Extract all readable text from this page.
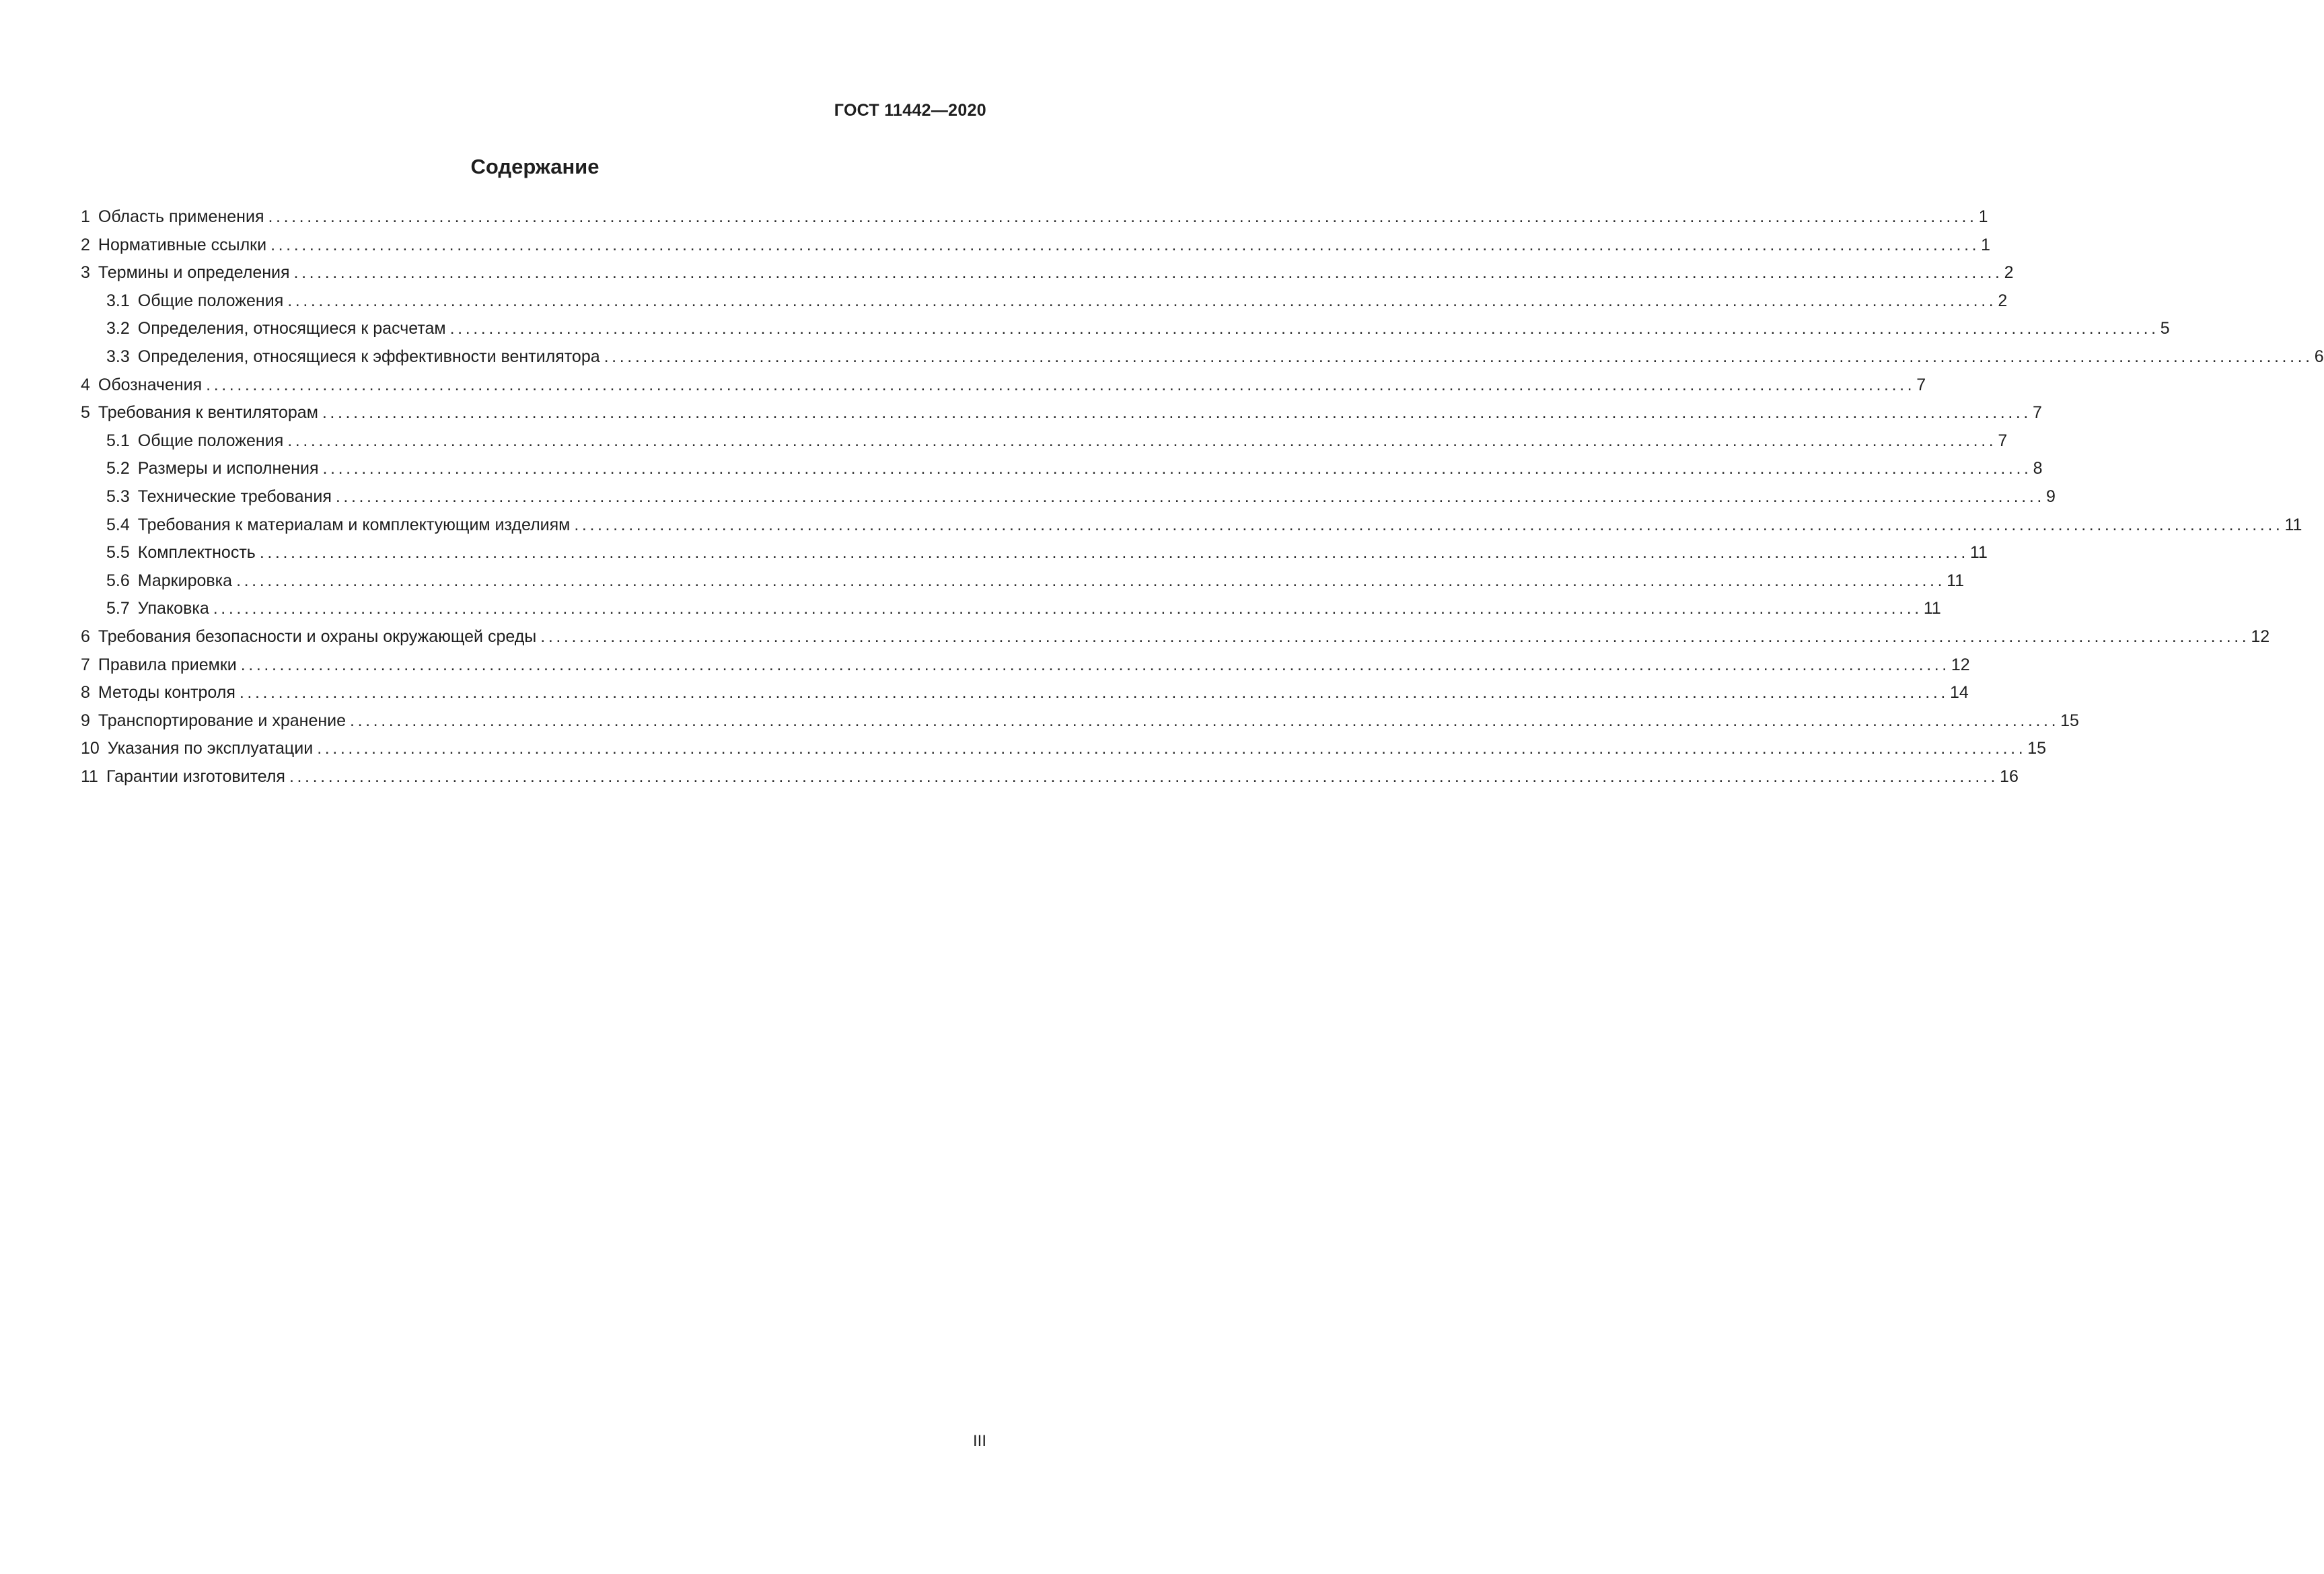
ГОСТ 11442—2020
Содержание
1 Область применения ............................................................................................................................................................................................................................ 1
2 Нормативные ссылки ............................................................................................................................................................................................................................ 1
3 Термины и определения ............................................................................................................................................................................................................................ 2
3.1 Общие положения ............................................................................................................................................................................................................................ 2
3.2 Определения, относящиеся к расчетам ............................................................................................................................................................................................................................ 5
3.3 Определения, относящиеся к эффективности вентилятора ............................................................................................................................................................................................................................ 6
4 Обозначения ............................................................................................................................................................................................................................ 7
5 Требования к вентиляторам ............................................................................................................................................................................................................................ 7
5.1 Общие положения ............................................................................................................................................................................................................................ 7
5.2 Размеры и исполнения ............................................................................................................................................................................................................................ 8
5.3 Технические требования ............................................................................................................................................................................................................................ 9
5.4 Требования к материалам и комплектующим изделиям ............................................................................................................................................................................................................................ 11
5.5 Комплектность ............................................................................................................................................................................................................................ 11
5.6 Маркировка ............................................................................................................................................................................................................................ 11
5.7 Упаковка ............................................................................................................................................................................................................................ 11
6 Требования безопасности и охраны окружающей среды ............................................................................................................................................................................................................................ 12
7 Правила приемки ............................................................................................................................................................................................................................ 12
8 Методы контроля ............................................................................................................................................................................................................................ 14
9 Транспортирование и хранение ............................................................................................................................................................................................................................ 15
10 Указания по эксплуатации ............................................................................................................................................................................................................................ 15
11 Гарантии изготовителя ............................................................................................................................................................................................................................ 16
III
